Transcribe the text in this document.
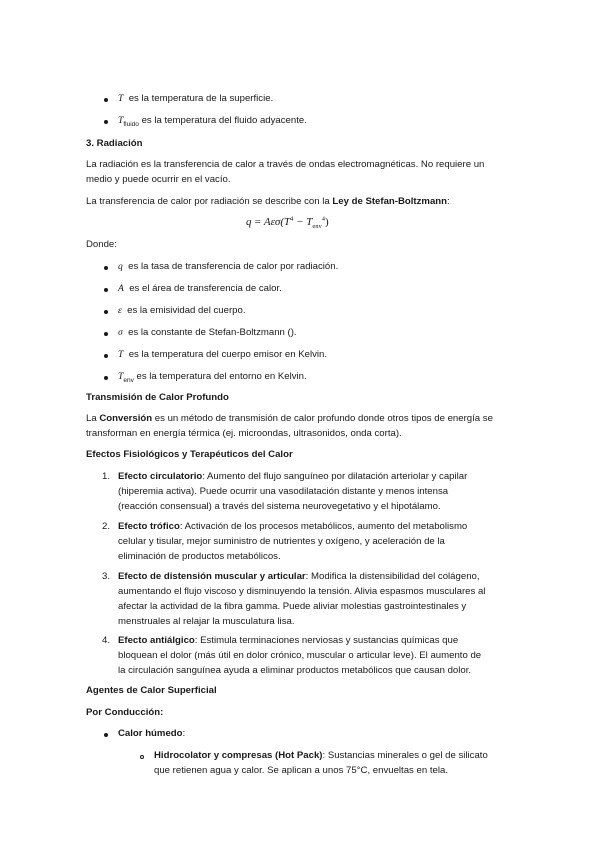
T es la temperatura de la superficie.
$T_{fluido}$ es la temperatura del fluido adyacente.
3. Radiación
La radiación es la transferencia de calor a través de ondas electromagnéticas. No requiere un
medio y puede ocurrir en el vacío.
La transferencia de calor por radiación se describe con la Ley de Stefan-Boltzmann:
$q = A\varepsilon\sigma(T^4 - T_{env}^4)$
Donde:
q es la tasa de transferencia de calor por radiación.
A es el área de transferencia de calor.
ε es la emisividad del cuerpo.
σ es la constante de Stefan-Boltzmann ().
T es la temperatura del cuerpo emisor en Kelvin.
$T_{env}$ es la temperatura del entorno en Kelvin.
Transmisión de Calor Profundo
La Conversión es un método de transmisión de calor profundo donde otros tipos de energía se
transforman en energía térmica (ej. microondas, ultrasonidos, onda corta).
Efectos Fisiológicos y Terapéuticos del Calor
1. Efecto circulatorio: Aumento del flujo sanguíneo por dilatación arteriolar y capilar
(hiperemia activa). Puede ocurrir una vasodilatación distante y menos intensa
(reacción consensual) a través del sistema neurovegetativo y el hipotálamo.
2. Efecto trófico: Activación de los procesos metabólicos, aumento del metabolismo
celular y tisular, mejor suministro de nutrientes y oxígeno, y aceleración de la
eliminación de productos metabólicos.
3. Efecto de distensión muscular y articular: Modifica la distensibilidad del colágeno,
aumentando el flujo viscoso y disminuyendo la tensión. Alivia espasmos musculares al
afectar la actividad de la fibra gamma. Puede aliviar molestias gastrointestinales y
menstruales al relajar la musculatura lisa.
4. Efecto antiálgico: Estimula terminaciones nerviosas y sustancias químicas que
bloquean el dolor (más útil en dolor crónico, muscular o articular leve). El aumento de
la circulación sanguínea ayuda a eliminar productos metabólicos que causan dolor.
Agentes de Calor Superficial
Por Conducción:
Calor húmedo:
Hidrocolator y compresas (Hot Pack): Sustancias minerales o gel de silicato
que retienen agua y calor. Se aplican a unos 75°C, envueltas en tela.
